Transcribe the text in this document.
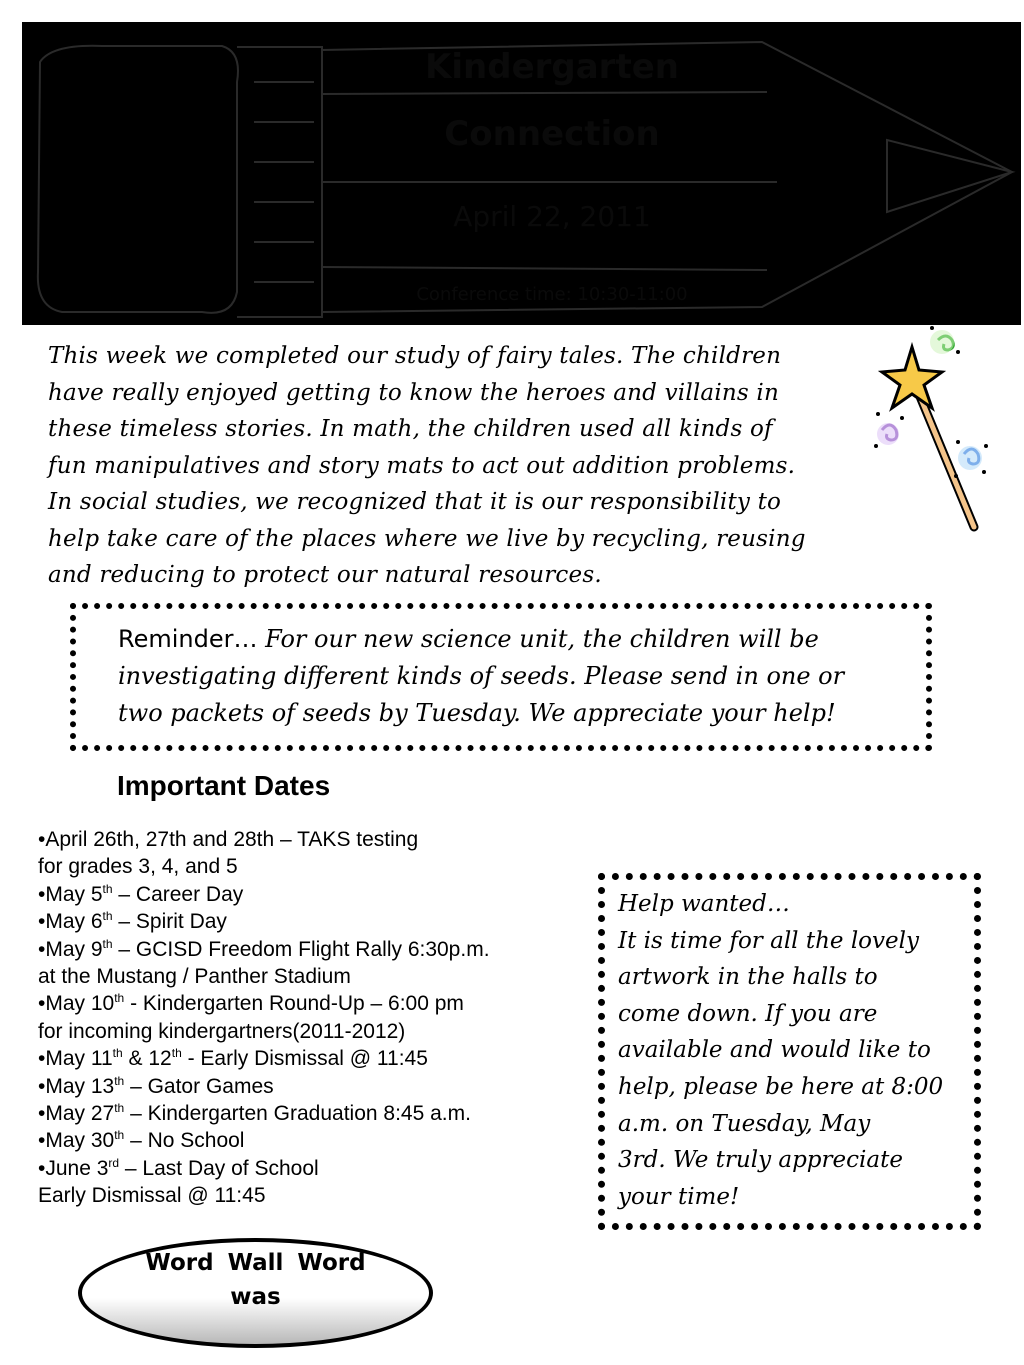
Kindergarten
Connection
April 22, 2011
Conference time: 10:30-11:00
This week we completed our study of fairy tales. The children
have really enjoyed getting to know the heroes and villains in
these timeless stories. In math, the children used all kinds of
fun manipulatives and story mats to act out addition problems.
In social studies, we recognized that it is our responsibility to
help take care of the places where we live by recycling, reusing
and reducing to protect our natural resources.
Reminder… For our new science unit, the children will be
investigating different kinds of seeds. Please send in one or
two packets of seeds by Tuesday. We appreciate your help!
Important Dates
•April 26th, 27th and 28th – TAKS testing
for grades 3, 4, and 5
•May 5th – Career Day
•May 6th – Spirit Day
•May 9th – GCISD Freedom Flight Rally 6:30p.m.
at the Mustang / Panther Stadium
•May 10th - Kindergarten Round-Up – 6:00 pm
for incoming kindergartners(2011-2012)
•May 11th & 12th - Early Dismissal @ 11:45
•May 13th – Gator Games
•May 27th – Kindergarten Graduation 8:45 a.m.
•May 30th – No School
•June 3rd – Last Day of School
Early Dismissal @ 11:45
Help wanted…
It is time for all the lovely
artwork in the halls to
come down. If you are
available and would like to
help, please be here at 8:00
a.m. on Tuesday, May
3rd. We truly appreciate
your time!
Word Wall Word
was
